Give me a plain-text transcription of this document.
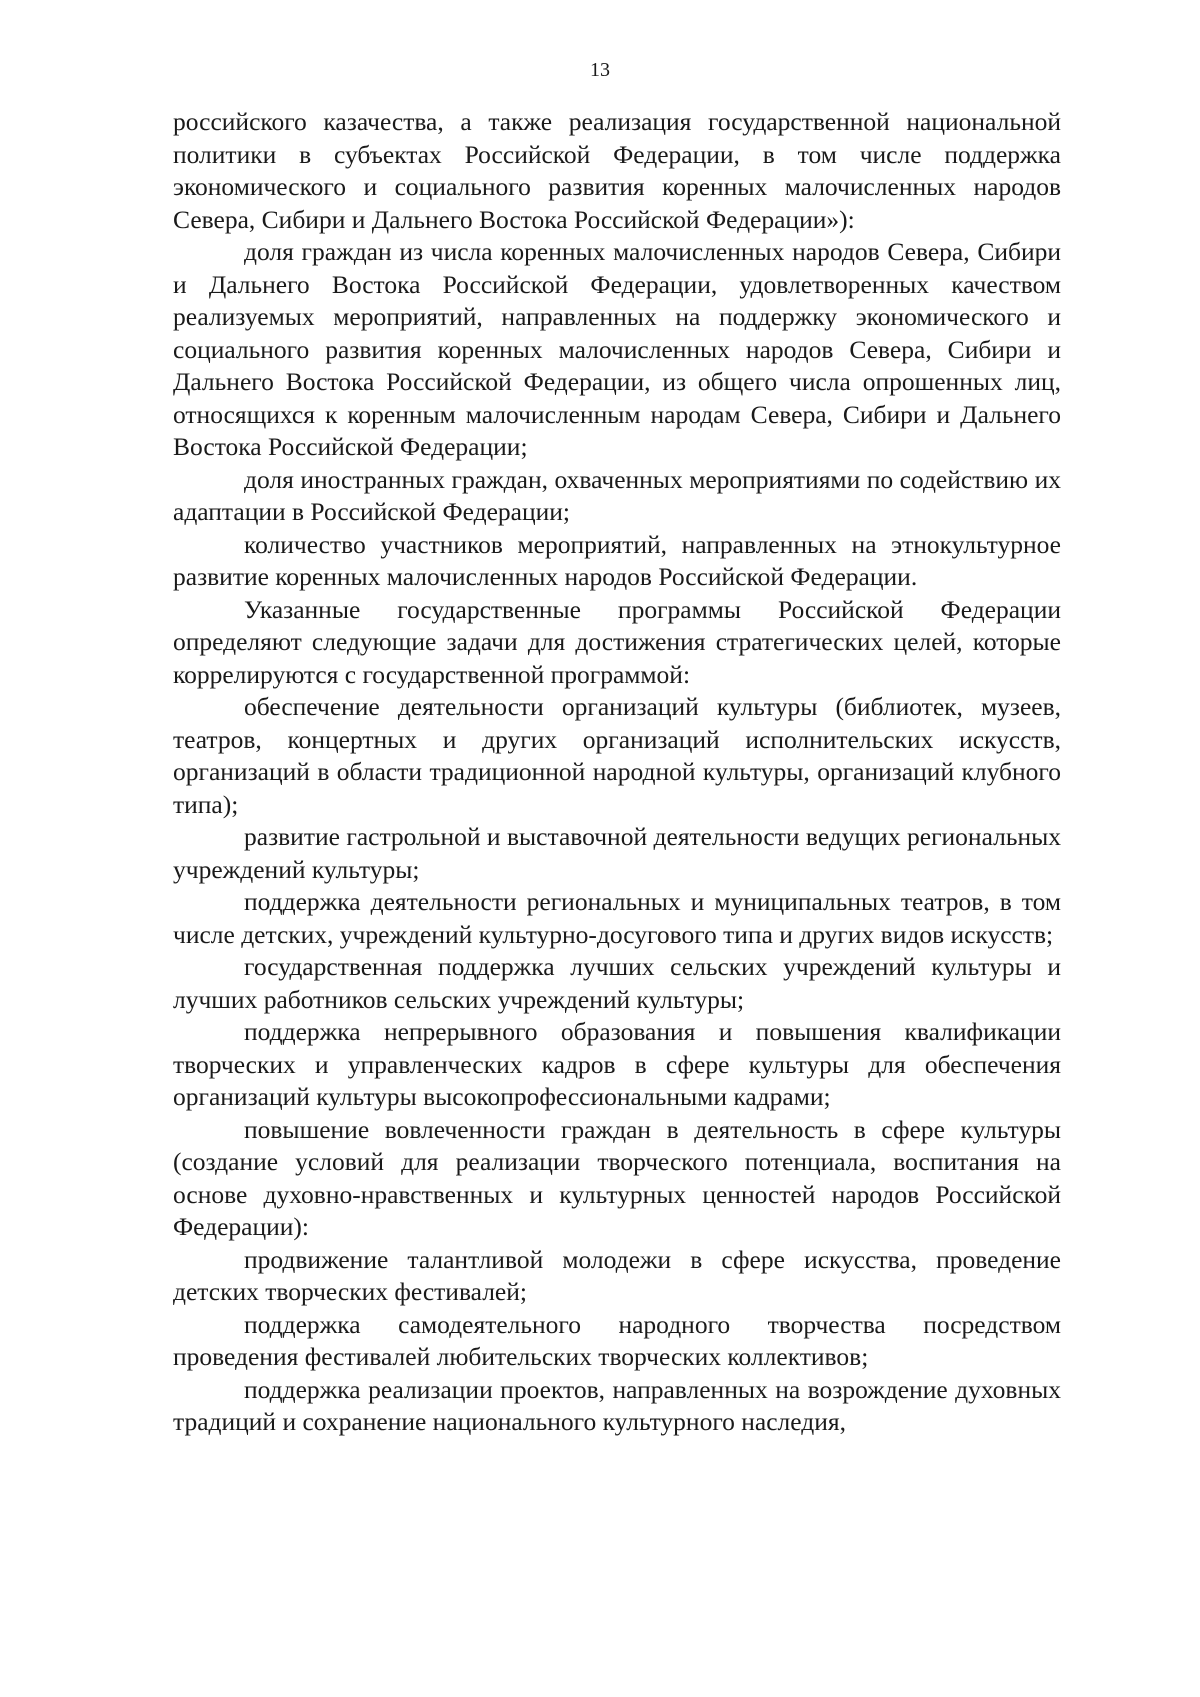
13

российского казачества, а также реализация государственной национальной политики в субъектах Российской Федерации, в том числе поддержка экономического и социального развития коренных малочисленных народов Севера, Сибири и Дальнего Востока Российской Федерации»):

доля граждан из числа коренных малочисленных народов Севера, Сибири и Дальнего Востока Российской Федерации, удовлетворенных качеством реализуемых мероприятий, направленных на поддержку экономического и социального развития коренных малочисленных народов Севера, Сибири и Дальнего Востока Российской Федерации, из общего числа опрошенных лиц, относящихся к коренным малочисленным народам Севера, Сибири и Дальнего Востока Российской Федерации;

доля иностранных граждан, охваченных мероприятиями по содействию их адаптации в Российской Федерации;

количество участников мероприятий, направленных на этнокультурное развитие коренных малочисленных народов Российской Федерации.

Указанные государственные программы Российской Федерации определяют следующие задачи для достижения стратегических целей, которые коррелируются с государственной программой:

обеспечение деятельности организаций культуры (библиотек, музеев, театров, концертных и других организаций исполнительских искусств, организаций в области традиционной народной культуры, организаций клубного типа);

развитие гастрольной и выставочной деятельности ведущих региональных учреждений культуры;

поддержка деятельности региональных и муниципальных театров, в том числе детских, учреждений культурно-досугового типа и других видов искусств;

государственная поддержка лучших сельских учреждений культуры и лучших работников сельских учреждений культуры;

поддержка непрерывного образования и повышения квалификации творческих и управленческих кадров в сфере культуры для обеспечения организаций культуры высокопрофессиональными кадрами;

повышение вовлеченности граждан в деятельность в сфере культуры (создание условий для реализации творческого потенциала, воспитания на основе духовно-нравственных и культурных ценностей народов Российской Федерации):

продвижение талантливой молодежи в сфере искусства, проведение детских творческих фестивалей;

поддержка самодеятельного народного творчества посредством проведения фестивалей любительских творческих коллективов;

поддержка реализации проектов, направленных на возрождение духовных традиций и сохранение национального культурного наследия,
